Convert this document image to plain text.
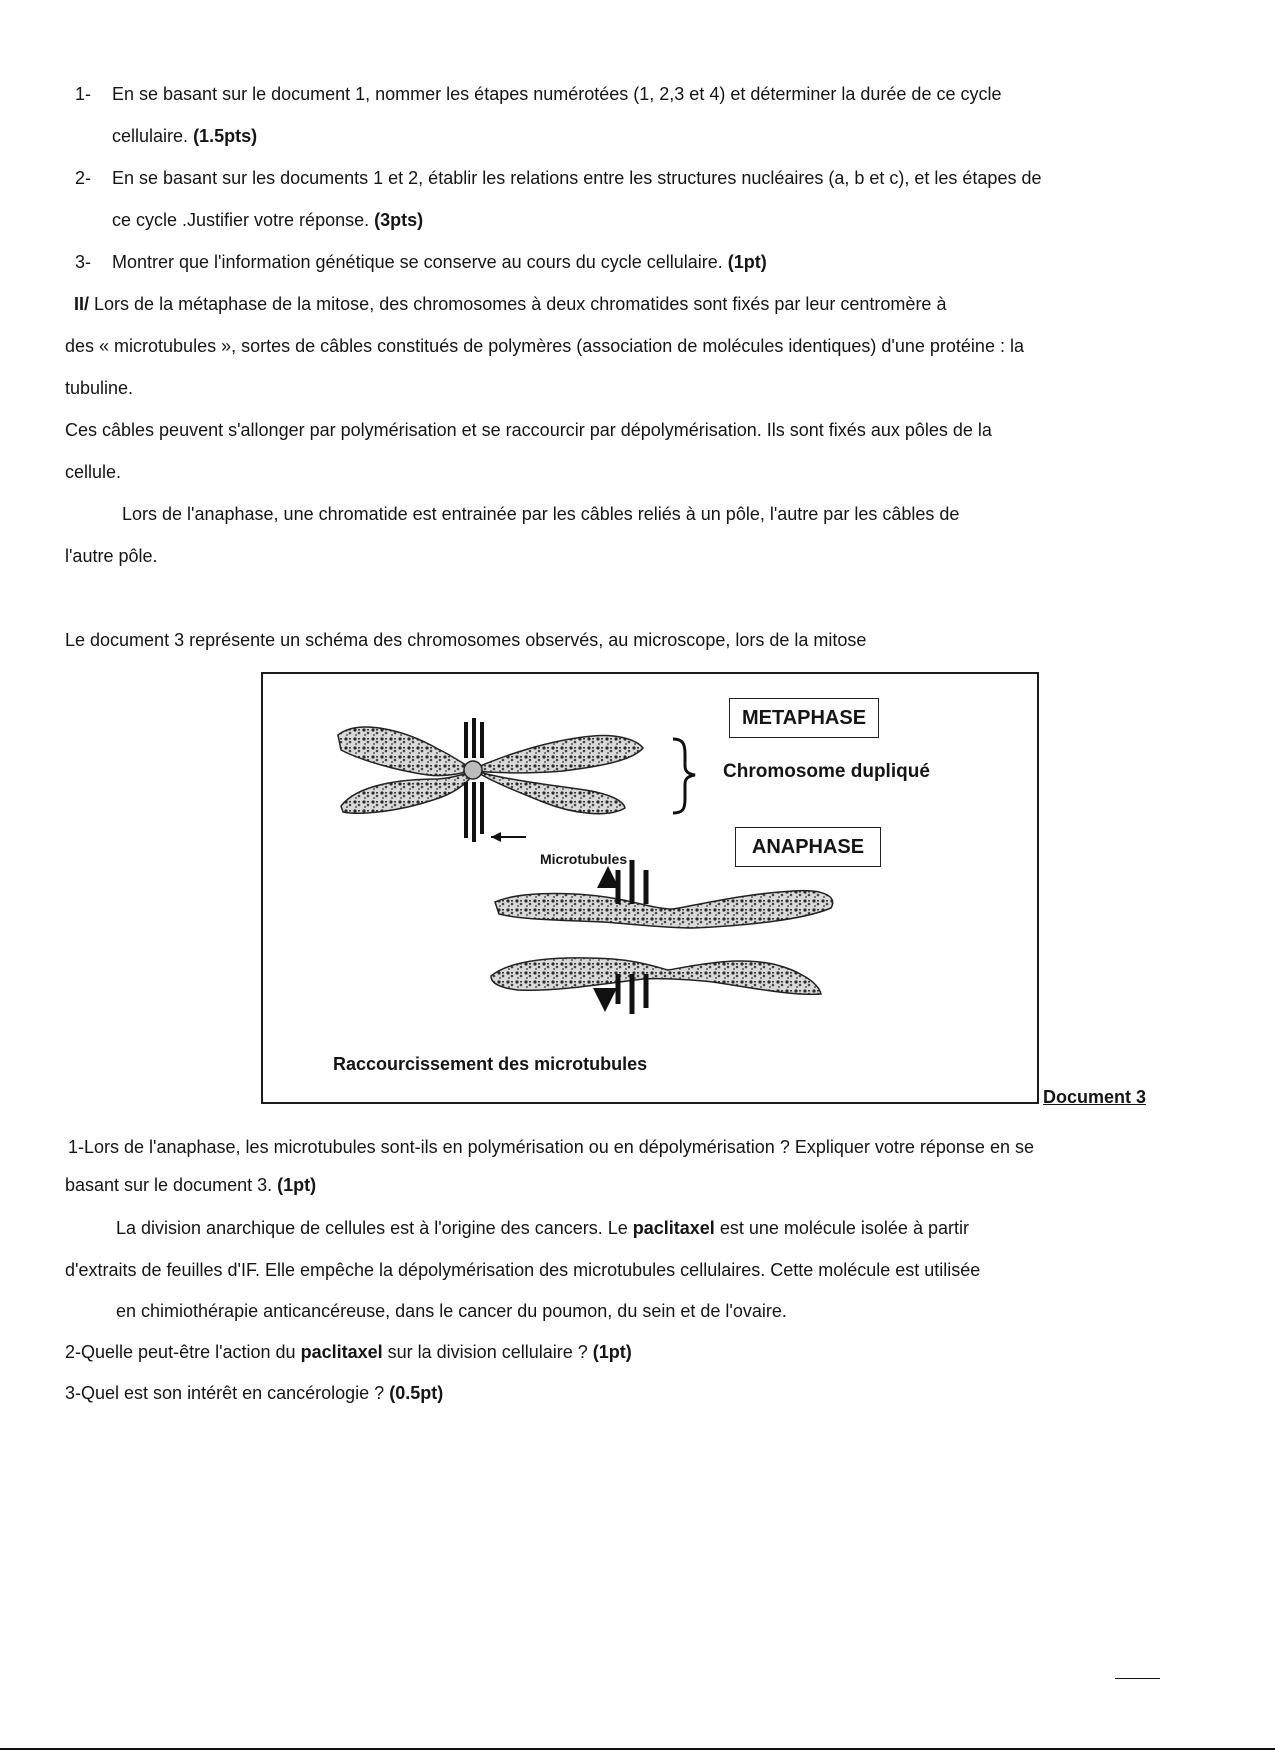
1- En se basant sur le document 1, nommer les étapes numérotées (1, 2,3 et 4) et déterminer la durée de ce cycle
cellulaire. (1.5pts)
2- En se basant sur les documents 1 et 2, établir les relations entre les structures nucléaires (a, b et c), et les étapes de
ce cycle .Justifier votre réponse. (3pts)
3- Montrer que l'information génétique se conserve au cours du cycle cellulaire. (1pt)
II/ Lors de la métaphase de la mitose, des chromosomes à deux chromatides sont fixés par leur centromère à
des « microtubules », sortes de câbles constitués de polymères (association de molécules identiques) d'une protéine : la
tubuline.
Ces câbles peuvent s'allonger par polymérisation et se raccourcir par dépolymérisation. Ils sont fixés aux pôles de la
cellule.
Lors de l'anaphase, une chromatide est entrainée par les câbles reliés à un pôle, l'autre par les câbles de
l'autre pôle.
Le document 3 représente un schéma des chromosomes observés, au microscope, lors de la mitose
METAPHASE
Chromosome dupliqué
Microtubules
ANAPHASE
Raccourcissement des microtubules
Document 3
1-Lors de l'anaphase, les microtubules sont-ils en polymérisation ou en dépolymérisation ? Expliquer votre réponse en se
basant sur le document 3. (1pt)
La division anarchique de cellules est à l'origine des cancers. Le paclitaxel est une molécule isolée à partir
d'extraits de feuilles d'IF. Elle empêche la dépolymérisation des microtubules cellulaires. Cette molécule est utilisée
en chimiothérapie anticancéreuse, dans le cancer du poumon, du sein et de l'ovaire.
2-Quelle peut-être l'action du paclitaxel sur la division cellulaire ? (1pt)
3-Quel est son intérêt en cancérologie ? (0.5pt)
